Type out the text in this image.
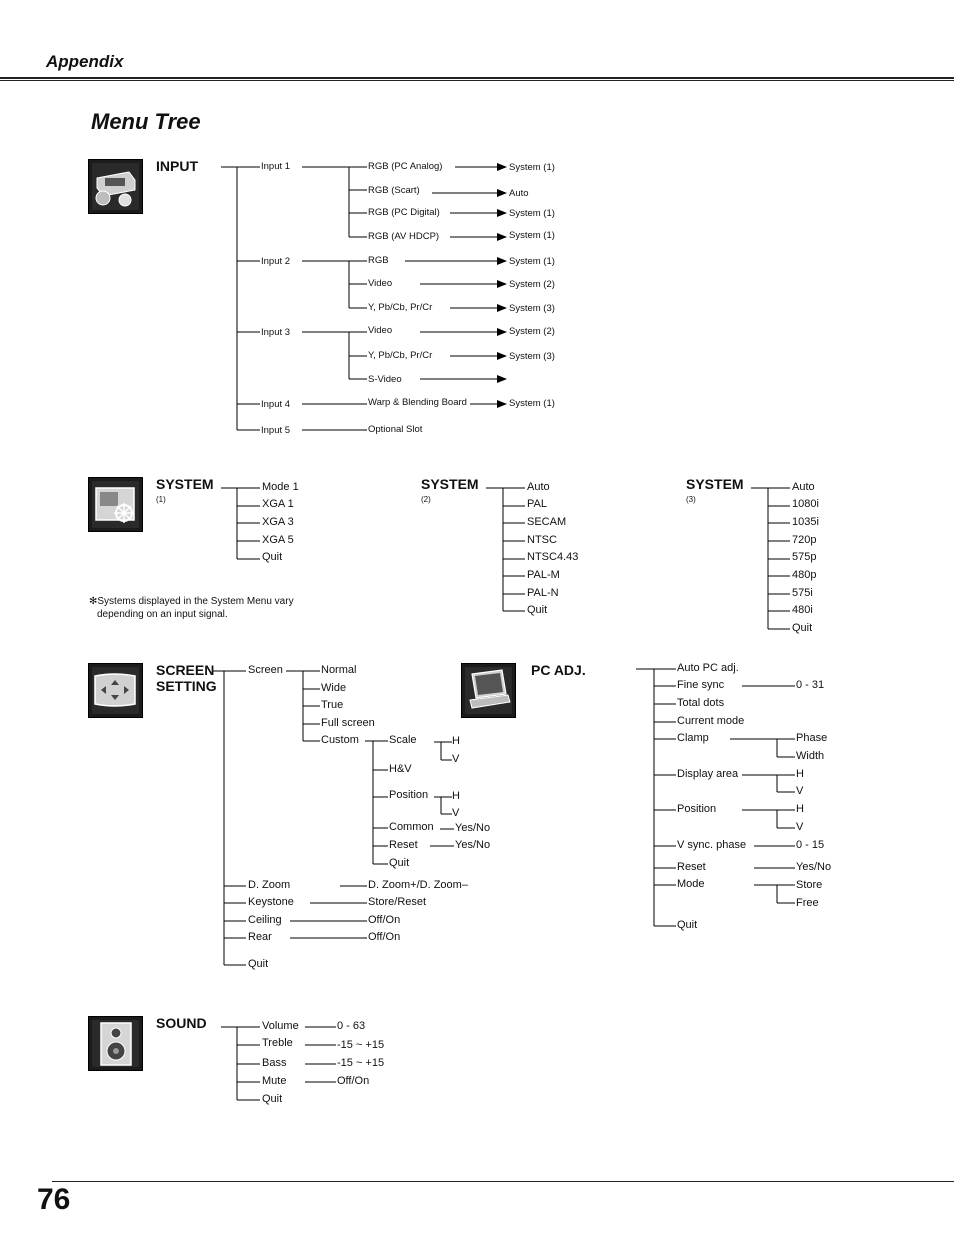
Appendix
Menu Tree
INPUT	Input 1
Input 2
Input 3
Input 4
Input 5
RGB (PC Analog)
RGB (Scart)
RGB (PC Digital)
RGB (AV HDCP)
System (1)
Auto
System (1)
System (1)
RGB
Video
Y, Pb/Cb, Pr/Cr
System (1)
System (2)
System (3)
Video
Y, Pb/Cb, Pr/Cr
S-Video
System (2)
System (3)
Warp & Blending Board	System (1)
Optional Slot
SYSTEM
(1)
Mode 1
XGA 1
XGA 3
XGA 5
Quit
SYSTEM
(2)
Auto
PAL
SECAM
NTSC
NTSC4.43
PAL-M
PAL-N
Quit
SYSTEM
(3)
Auto
1080i
1035i
720p
575p
480p
575i
480i
Quit
✻Systems displayed in the System Menu vary
depending on an input signal.
SCREEN
SETTING
Screen
D. Zoom
Keystone
Ceiling
Rear
Quit
Normal
Wide
True
Full screen
Custom	Scale
H&V
Position
Common
Reset
Quit
H
V
H
V
Yes/No
Yes/No
D. Zoom+/D. Zoom–
Store/Reset
Off/On
Off/On
PC ADJ.	Auto PC adj.
Fine sync
Total dots
Current mode
Clamp
Display area
Position
V sync. phase
Reset
Mode
Quit
0 - 31
Phase
Width
H
V
H
V
0 - 15
Yes/No
Store
Free
SOUND	Volume
Treble
Bass
Mute
Quit
0 - 63
-15 ~ +15
-15 ~ +15
Off/On
76
